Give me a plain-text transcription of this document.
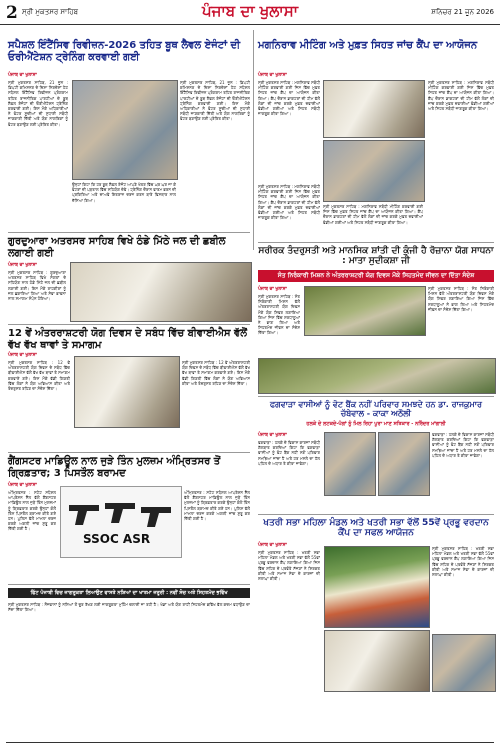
2 ਸ੍ਰੀ ਮੁਕਤਸਰ ਸਾਹਿਬ	ਪੰਜਾਬ ਦਾ ਖੁਲਾਸਾ	ਸ਼ਨਿਚਰ 21 ਜੂਨ 2026
ਸਪੈਸ਼ਲ ਇੰਟੈਂਸਿਵ ਰਿਵੀਜ਼ਨ-2026 ਤਹਿਤ ਬੂਥ ਲੈਵਲ ਏਜੰਟਾਂ ਦੀ ਓਰੀਐਂਟੇਸ਼ਨ ਟ੍ਰੇਨਿੰਗ ਕਰਵਾਈ ਗਈ
ਪੰਜਾਬ ਦਾ ਖੁਲਾਸਾ
ਸ੍ਰੀ ਮੁਕਤਸਰ ਸਾਹਿਬ, 21 ਜੂਨ : ਡਿਪਟੀ ਕਮਿਸ਼ਨਰ ਦੇ ਦਿਸ਼ਾ ਨਿਰਦੇਸ਼ਾਂ ਹੇਠ ਸਪੈਸ਼ਲ ਇੰਟੈਂਸਿਵ ਰਿਵੀਜ਼ਨ ਪ੍ਰੋਗਰਾਮ ਤਹਿਤ ਰਾਜਨੀਤਿਕ ਪਾਰਟੀਆਂ ਦੇ ਬੂਥ ਲੈਵਲ ਏਜੰਟਾਂ ਦੀ ਓਰੀਐਂਟੇਸ਼ਨ ਟ੍ਰੇਨਿੰਗ ਕਰਵਾਈ ਗਈ। ਇਸ ਮੌਕੇ ਅਧਿਕਾਰੀਆਂ ਨੇ ਵੋਟਰ ਸੂਚੀਆਂ ਦੀ ਸੁਧਾਈ ਸਬੰਧੀ ਜਾਣਕਾਰੀ ਦਿੱਤੀ ਅਤੇ ਯੋਗ ਨਾਗਰਿਕਾਂ ਨੂੰ ਵੋਟਰ ਬਣਾਉਣ ਲਈ ਪ੍ਰੇਰਿਤ ਕੀਤਾ।
ਉਨ੍ਹਾਂ ਕਿਹਾ ਕਿ ਹਰ ਬੂਥ ਲੈਵਲ ਏਜੰਟ ਆਪਣੇ ਖੇਤਰ ਵਿੱਚ ਘਰ ਘਰ ਜਾ ਕੇ ਵੋਟਰਾਂ ਦੀ ਪੜਤਾਲ ਵਿੱਚ ਸਹਿਯੋਗ ਦੇਵੇ। ਟ੍ਰੇਨਿੰਗ ਦੌਰਾਨ ਫਾਰਮ ਭਰਨ ਦੀ ਪ੍ਰਕਿਰਿਆ ਅਤੇ ਦਾਅਵੇ ਇਤਰਾਜ਼ ਦਰਜ ਕਰਨ ਬਾਰੇ ਵਿਸਥਾਰ ਨਾਲ ਦੱਸਿਆ ਗਿਆ।
ਸ੍ਰੀ ਮੁਕਤਸਰ ਸਾਹਿਬ, 21 ਜੂਨ : ਡਿਪਟੀ ਕਮਿਸ਼ਨਰ ਦੇ ਦਿਸ਼ਾ ਨਿਰਦੇਸ਼ਾਂ ਹੇਠ ਸਪੈਸ਼ਲ ਇੰਟੈਂਸਿਵ ਰਿਵੀਜ਼ਨ ਪ੍ਰੋਗਰਾਮ ਤਹਿਤ ਰਾਜਨੀਤਿਕ ਪਾਰਟੀਆਂ ਦੇ ਬੂਥ ਲੈਵਲ ਏਜੰਟਾਂ ਦੀ ਓਰੀਐਂਟੇਸ਼ਨ ਟ੍ਰੇਨਿੰਗ ਕਰਵਾਈ ਗਈ। ਇਸ ਮੌਕੇ ਅਧਿਕਾਰੀਆਂ ਨੇ ਵੋਟਰ ਸੂਚੀਆਂ ਦੀ ਸੁਧਾਈ ਸਬੰਧੀ ਜਾਣਕਾਰੀ ਦਿੱਤੀ ਅਤੇ ਯੋਗ ਨਾਗਰਿਕਾਂ ਨੂੰ ਵੋਟਰ ਬਣਾਉਣ ਲਈ ਪ੍ਰੇਰਿਤ ਕੀਤਾ।
ਮਗਨਿਰਾਵ ਮੀਟਿੰਗ ਅਤੇ ਮੁਫ਼ਤ ਸਿਹਤ ਜਾਂਚ ਕੈਂਪ ਦਾ ਆਯੋਜਨ
ਪੰਜਾਬ ਦਾ ਖੁਲਾਸਾ
ਸ੍ਰੀ ਮੁਕਤਸਰ ਸਾਹਿਬ : ਮਗਨਿਰਾਵ ਸਬੰਧੀ ਮੀਟਿੰਗ ਕਰਵਾਈ ਗਈ ਜਿਸ ਵਿੱਚ ਮੁਫ਼ਤ ਸਿਹਤ ਜਾਂਚ ਕੈਂਪ ਦਾ ਆਯੋਜਨ ਕੀਤਾ ਗਿਆ। ਕੈਂਪ ਦੌਰਾਨ ਡਾਕਟਰਾਂ ਦੀ ਟੀਮ ਵੱਲੋਂ ਲੋਕਾਂ ਦੀ ਜਾਂਚ ਕਰਕੇ ਮੁਫ਼ਤ ਦਵਾਈਆਂ ਵੰਡੀਆਂ ਗਈਆਂ ਅਤੇ ਸਿਹਤ ਸਬੰਧੀ ਜਾਗਰੂਕ ਕੀਤਾ ਗਿਆ।
ਸ੍ਰੀ ਮੁਕਤਸਰ ਸਾਹਿਬ : ਮਗਨਿਰਾਵ ਸਬੰਧੀ ਮੀਟਿੰਗ ਕਰਵਾਈ ਗਈ ਜਿਸ ਵਿੱਚ ਮੁਫ਼ਤ ਸਿਹਤ ਜਾਂਚ ਕੈਂਪ ਦਾ ਆਯੋਜਨ ਕੀਤਾ ਗਿਆ। ਕੈਂਪ ਦੌਰਾਨ ਡਾਕਟਰਾਂ ਦੀ ਟੀਮ ਵੱਲੋਂ ਲੋਕਾਂ ਦੀ ਜਾਂਚ ਕਰਕੇ ਮੁਫ਼ਤ ਦਵਾਈਆਂ ਵੰਡੀਆਂ ਗਈਆਂ ਅਤੇ ਸਿਹਤ ਸਬੰਧੀ ਜਾਗਰੂਕ ਕੀਤਾ ਗਿਆ।
ਸ੍ਰੀ ਮੁਕਤਸਰ ਸਾਹਿਬ : ਮਗਨਿਰਾਵ ਸਬੰਧੀ ਮੀਟਿੰਗ ਕਰਵਾਈ ਗਈ ਜਿਸ ਵਿੱਚ ਮੁਫ਼ਤ ਸਿਹਤ ਜਾਂਚ ਕੈਂਪ ਦਾ ਆਯੋਜਨ ਕੀਤਾ ਗਿਆ। ਕੈਂਪ ਦੌਰਾਨ ਡਾਕਟਰਾਂ ਦੀ ਟੀਮ ਵੱਲੋਂ ਲੋਕਾਂ ਦੀ ਜਾਂਚ ਕਰਕੇ ਮੁਫ਼ਤ ਦਵਾਈਆਂ ਵੰਡੀਆਂ ਗਈਆਂ ਅਤੇ ਸਿਹਤ ਸਬੰਧੀ ਜਾਗਰੂਕ ਕੀਤਾ ਗਿਆ।
ਸ੍ਰੀ ਮੁਕਤਸਰ ਸਾਹਿਬ : ਮਗਨਿਰਾਵ ਸਬੰਧੀ ਮੀਟਿੰਗ ਕਰਵਾਈ ਗਈ ਜਿਸ ਵਿੱਚ ਮੁਫ਼ਤ ਸਿਹਤ ਜਾਂਚ ਕੈਂਪ ਦਾ ਆਯੋਜਨ ਕੀਤਾ ਗਿਆ। ਕੈਂਪ ਦੌਰਾਨ ਡਾਕਟਰਾਂ ਦੀ ਟੀਮ ਵੱਲੋਂ ਲੋਕਾਂ ਦੀ ਜਾਂਚ ਕਰਕੇ ਮੁਫ਼ਤ ਦਵਾਈਆਂ ਵੰਡੀਆਂ ਗਈਆਂ ਅਤੇ ਸਿਹਤ ਸਬੰਧੀ ਜਾਗਰੂਕ ਕੀਤਾ ਗਿਆ।
ਗੁਰਦੁਆਰਾ ਅਤਰਸਰ ਸਾਹਿਬ ਵਿਖੇ ਠੰਡੇ ਮਿੱਠੇ ਜਲ ਦੀ ਛਬੀਲ ਲਗਾਈ ਗਈ
ਪੰਜਾਬ ਦਾ ਖੁਲਾਸਾ
ਸ੍ਰੀ ਮੁਕਤਸਰ ਸਾਹਿਬ : ਗੁਰਦੁਆਰਾ ਅਤਰਸਰ ਸਾਹਿਬ ਵਿਖੇ ਸੰਗਤਾਂ ਦੇ ਸਹਿਯੋਗ ਨਾਲ ਠੰਡੇ ਮਿੱਠੇ ਜਲ ਦੀ ਛਬੀਲ ਲਗਾਈ ਗਈ। ਇਸ ਮੌਕੇ ਰਾਹਗੀਰਾਂ ਨੂੰ ਜਲ ਛਕਾਇਆ ਗਿਆ ਅਤੇ ਸੇਵਾ ਭਾਵਨਾ ਨਾਲ ਸਮਾਗਮ ਸੰਪੰਨ ਹੋਇਆ।
ਸਰੀਰਕ ਤੰਦਰੁਸਤੀ ਅਤੇ ਮਾਨਸਿਕ ਸ਼ਾਂਤੀ ਦੀ ਕੁੰਜੀ ਹੈ ਰੋਜ਼ਾਨਾ ਯੋਗ ਸਾਧਨਾ : ਮਾਤਾ ਸੁਦੀਕਸ਼ਾ ਜੀ
12 ਵੇਂ ਅੰਤਰਰਾਸ਼ਟਰੀ ਯੋਗ ਦਿਵਸ ਦੇ ਸਬੰਧ ਵਿੱਚ ਬੀਵਾਈਐਸ ਵੱਲੋਂ ਵੱਖ ਵੱਖ ਥਾਵਾਂ ਤੇ ਸਮਾਗਮ
ਪੰਜਾਬ ਦਾ ਖੁਲਾਸਾ
ਸ੍ਰੀ ਮੁਕਤਸਰ ਸਾਹਿਬ : 12 ਵੇਂ ਅੰਤਰਰਾਸ਼ਟਰੀ ਯੋਗ ਦਿਵਸ ਦੇ ਸਬੰਧ ਵਿੱਚ ਬੀਵਾਈਐਸ ਵੱਲੋਂ ਵੱਖ ਵੱਖ ਥਾਵਾਂ ਤੇ ਸਮਾਗਮ ਕਰਵਾਏ ਗਏ। ਇਸ ਮੌਕੇ ਵੱਡੀ ਗਿਣਤੀ ਵਿੱਚ ਲੋਕਾਂ ਨੇ ਯੋਗ ਅਭਿਆਸ ਕੀਤਾ ਅਤੇ ਤੰਦਰੁਸਤ ਰਹਿਣ ਦਾ ਸੰਦੇਸ਼ ਦਿੱਤਾ।
ਸ੍ਰੀ ਮੁਕਤਸਰ ਸਾਹਿਬ : 12 ਵੇਂ ਅੰਤਰਰਾਸ਼ਟਰੀ ਯੋਗ ਦਿਵਸ ਦੇ ਸਬੰਧ ਵਿੱਚ ਬੀਵਾਈਐਸ ਵੱਲੋਂ ਵੱਖ ਵੱਖ ਥਾਵਾਂ ਤੇ ਸਮਾਗਮ ਕਰਵਾਏ ਗਏ। ਇਸ ਮੌਕੇ ਵੱਡੀ ਗਿਣਤੀ ਵਿੱਚ ਲੋਕਾਂ ਨੇ ਯੋਗ ਅਭਿਆਸ ਕੀਤਾ ਅਤੇ ਤੰਦਰੁਸਤ ਰਹਿਣ ਦਾ ਸੰਦੇਸ਼ ਦਿੱਤਾ।
ਸੰਤ ਨਿਰੰਕਾਰੀ ਮਿਸ਼ਨ ਨੇ ਅੰਤਰਰਾਸ਼ਟਰੀ ਯੋਗ ਦਿਵਸ ਮੌਕੇ ਸਿਹਤਮੰਦ ਜੀਵਨ ਦਾ ਦਿੱਤਾ ਸੰਦੇਸ਼
ਪੰਜਾਬ ਦਾ ਖੁਲਾਸਾ
ਸ੍ਰੀ ਮੁਕਤਸਰ ਸਾਹਿਬ : ਸੰਤ ਨਿਰੰਕਾਰੀ ਮਿਸ਼ਨ ਵੱਲੋਂ ਅੰਤਰਰਾਸ਼ਟਰੀ ਯੋਗ ਦਿਵਸ ਮੌਕੇ ਯੋਗ ਸ਼ਿਵਰ ਲਗਾਇਆ ਗਿਆ ਜਿਸ ਵਿੱਚ ਸ਼ਰਧਾਲੂਆਂ ਨੇ ਭਾਗ ਲਿਆ ਅਤੇ ਸਿਹਤਮੰਦ ਜੀਵਨ ਦਾ ਸੰਦੇਸ਼ ਦਿੱਤਾ ਗਿਆ।
ਸ੍ਰੀ ਮੁਕਤਸਰ ਸਾਹਿਬ : ਸੰਤ ਨਿਰੰਕਾਰੀ ਮਿਸ਼ਨ ਵੱਲੋਂ ਅੰਤਰਰਾਸ਼ਟਰੀ ਯੋਗ ਦਿਵਸ ਮੌਕੇ ਯੋਗ ਸ਼ਿਵਰ ਲਗਾਇਆ ਗਿਆ ਜਿਸ ਵਿੱਚ ਸ਼ਰਧਾਲੂਆਂ ਨੇ ਭਾਗ ਲਿਆ ਅਤੇ ਸਿਹਤਮੰਦ ਜੀਵਨ ਦਾ ਸੰਦੇਸ਼ ਦਿੱਤਾ ਗਿਆ।
ਗੈਂਗਸਟਰ ਮਾਡਿਊਲ ਨਾਲ ਜੁੜੇ ਤਿੰਨ ਮੁਲਜ਼ਮ ਅੰਮ੍ਰਿਤਸਰ ਤੋਂ ਗ੍ਰਿਫ਼ਤਾਰ; 3 ਪਿਸਤੌਲ ਬਰਾਮਦ
ਪੰਜਾਬ ਦਾ ਖੁਲਾਸਾ
ਅੰਮ੍ਰਿਤਸਰ : ਸਟੇਟ ਸਪੈਸ਼ਲ ਆਪਰੇਸ਼ਨ ਸੈੱਲ ਵੱਲੋਂ ਗੈਂਗਸਟਰ ਮਾਡਿਊਲ ਨਾਲ ਜੁੜੇ ਤਿੰਨ ਮੁਲਜ਼ਮਾਂ ਨੂੰ ਗ੍ਰਿਫ਼ਤਾਰ ਕਰਕੇ ਉਨ੍ਹਾਂ ਕੋਲੋਂ ਤਿੰਨ ਪਿਸਤੌਲ ਬਰਾਮਦ ਕੀਤੇ ਗਏ ਹਨ। ਪੁਲਿਸ ਵੱਲੋਂ ਮਾਮਲਾ ਦਰਜ ਕਰਕੇ ਅਗਲੀ ਜਾਂਚ ਸ਼ੁਰੂ ਕਰ ਦਿੱਤੀ ਗਈ ਹੈ।
SSOC ASR
ਅੰਮ੍ਰਿਤਸਰ : ਸਟੇਟ ਸਪੈਸ਼ਲ ਆਪਰੇਸ਼ਨ ਸੈੱਲ ਵੱਲੋਂ ਗੈਂਗਸਟਰ ਮਾਡਿਊਲ ਨਾਲ ਜੁੜੇ ਤਿੰਨ ਮੁਲਜ਼ਮਾਂ ਨੂੰ ਗ੍ਰਿਫ਼ਤਾਰ ਕਰਕੇ ਉਨ੍ਹਾਂ ਕੋਲੋਂ ਤਿੰਨ ਪਿਸਤੌਲ ਬਰਾਮਦ ਕੀਤੇ ਗਏ ਹਨ। ਪੁਲਿਸ ਵੱਲੋਂ ਮਾਮਲਾ ਦਰਜ ਕਰਕੇ ਅਗਲੀ ਜਾਂਚ ਸ਼ੁਰੂ ਕਰ ਦਿੱਤੀ ਗਈ ਹੈ।
ਫਗਵਾੜਾ ਵਾਸੀਆਂ ਨੂੰ ਵੋਟ ਬੈਂਕ ਨਹੀਂ ਪਰਿਵਾਰ ਸਮਝਦੇ ਹਨ ਡਾ. ਰਾਜਕੁਮਾਰ ਚੱਬੇਵਾਲ - ਕਾਕਾ ਅਠੌਲੀ
ਹਲਕੇ ਦੇ ਲਟਕਦੇ-ਪੰਗਾਂ ਨੂੰ ਮਿਲ ਰਿਹਾ ਪੂਰਾ ਮਾਣ ਸਤਿਕਾਰ - ਨਰਿੰਦਰ ਮਾਂਗਾਲੀ
ਪੰਜਾਬ ਦਾ ਖੁਲਾਸਾ
ਫਗਵਾੜਾ : ਹਲਕੇ ਦੇ ਵਿਕਾਸ ਕਾਰਜਾਂ ਸਬੰਧੀ ਗੱਲਬਾਤ ਕਰਦਿਆਂ ਕਿਹਾ ਕਿ ਫਗਵਾੜਾ ਵਾਸੀਆਂ ਨੂੰ ਵੋਟ ਬੈਂਕ ਨਹੀਂ ਸਗੋਂ ਪਰਿਵਾਰ ਸਮਝਿਆ ਜਾਂਦਾ ਹੈ ਅਤੇ ਹਰ ਮਸਲੇ ਦਾ ਹੱਲ ਪਹਿਲ ਦੇ ਅਧਾਰ ਤੇ ਕੀਤਾ ਜਾਵੇਗਾ।
ਫਗਵਾੜਾ : ਹਲਕੇ ਦੇ ਵਿਕਾਸ ਕਾਰਜਾਂ ਸਬੰਧੀ ਗੱਲਬਾਤ ਕਰਦਿਆਂ ਕਿਹਾ ਕਿ ਫਗਵਾੜਾ ਵਾਸੀਆਂ ਨੂੰ ਵੋਟ ਬੈਂਕ ਨਹੀਂ ਸਗੋਂ ਪਰਿਵਾਰ ਸਮਝਿਆ ਜਾਂਦਾ ਹੈ ਅਤੇ ਹਰ ਮਸਲੇ ਦਾ ਹੱਲ ਪਹਿਲ ਦੇ ਅਧਾਰ ਤੇ ਕੀਤਾ ਜਾਵੇਗਾ।
ਖਤਰੀ ਸਭਾ ਮਹਿਲਾ ਮੰਡਲ ਅਤੇ ਖਤਰੀ ਸਭਾ ਵੱਲੋਂ 55ਵੇਂ ਪ੍ਰਭੂ ਵਰਦਾਨ ਕੈਂਪ ਦਾ ਸਫਲ ਆਯੋਜਨ
ਪੰਜਾਬ ਦਾ ਖੁਲਾਸਾ
ਸ੍ਰੀ ਮੁਕਤਸਰ ਸਾਹਿਬ : ਖਤਰੀ ਸਭਾ ਮਹਿਲਾ ਮੰਡਲ ਅਤੇ ਖਤਰੀ ਸਭਾ ਵੱਲੋਂ 55ਵਾਂ ਪ੍ਰਭੂ ਵਰਦਾਨ ਕੈਂਪ ਲਗਾਇਆ ਗਿਆ ਜਿਸ ਵਿੱਚ ਸ਼ਹਿਰ ਦੇ ਪਤਵੰਤੇ ਸੱਜਣਾਂ ਨੇ ਸ਼ਿਰਕਤ ਕੀਤੀ ਅਤੇ ਸਮਾਜ ਸੇਵਾ ਦੇ ਕਾਰਜਾਂ ਦੀ ਸ਼ਲਾਘਾ ਕੀਤੀ।
ਸ੍ਰੀ ਮੁਕਤਸਰ ਸਾਹਿਬ : ਖਤਰੀ ਸਭਾ ਮਹਿਲਾ ਮੰਡਲ ਅਤੇ ਖਤਰੀ ਸਭਾ ਵੱਲੋਂ 55ਵਾਂ ਪ੍ਰਭੂ ਵਰਦਾਨ ਕੈਂਪ ਲਗਾਇਆ ਗਿਆ ਜਿਸ ਵਿੱਚ ਸ਼ਹਿਰ ਦੇ ਪਤਵੰਤੇ ਸੱਜਣਾਂ ਨੇ ਸ਼ਿਰਕਤ ਕੀਤੀ ਅਤੇ ਸਮਾਜ ਸੇਵਾ ਦੇ ਕਾਰਜਾਂ ਦੀ ਸ਼ਲਾਘਾ ਕੀਤੀ।
ਫਿੱਟ ਪੰਜਾਬੀ ਵਿਚ ਜਾਗਰੂਕਤਾ ਲਿਆਉਣ ਵਾਸਤੇ ਨਸ਼ਿਆਂ ਦਾ ਖਾਤਮਾ ਜਰੂਰੀ : ਨਵੀਂ ਸੋਚ ਅਤੇ ਸਿਹਤਮੰਦ ਭਵਿੱਖ
ਸ੍ਰੀ ਮੁਕਤਸਰ ਸਾਹਿਬ : ਨੌਜਵਾਨਾਂ ਨੂੰ ਨਸ਼ਿਆਂ ਤੋਂ ਦੂਰ ਰੱਖਣ ਲਈ ਜਾਗਰੂਕਤਾ ਮੁਹਿੰਮ ਚਲਾਈ ਜਾ ਰਹੀ ਹੈ। ਖੇਡਾਂ ਅਤੇ ਯੋਗ ਰਾਹੀਂ ਸਿਹਤਮੰਦ ਭਵਿੱਖ ਵੱਲ ਕਦਮ ਵਧਾਉਣ ਦਾ ਸੱਦਾ ਦਿੱਤਾ ਗਿਆ।
